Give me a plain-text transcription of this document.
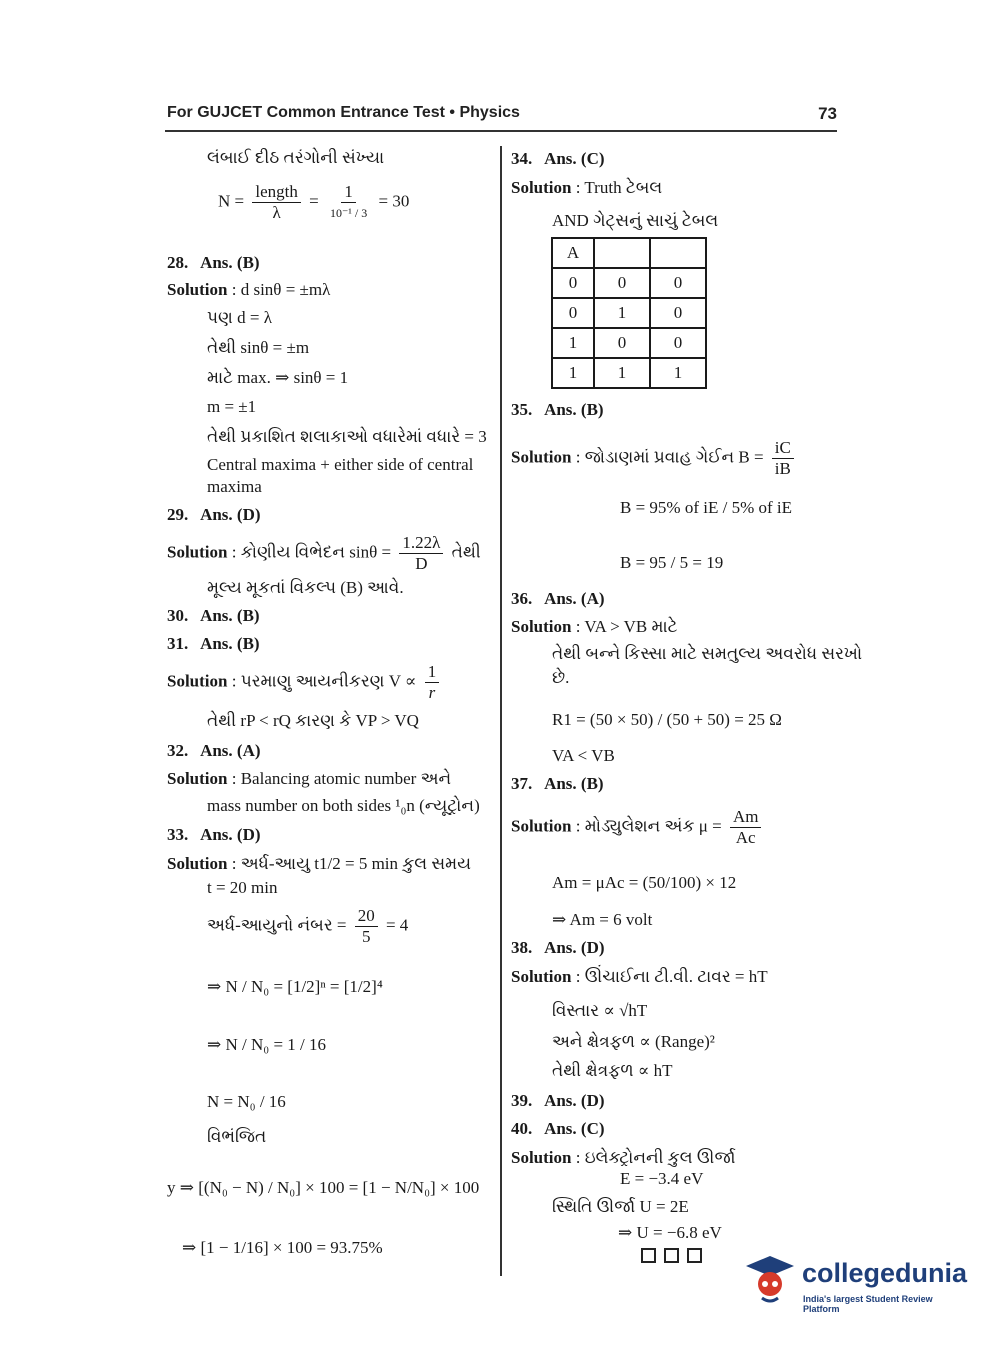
For GUJCET Common Entrance Test • Physics	73
લંબાઈ દીઠ તરંગોની સંખ્યા
$N = \frac{\text{length}}{\lambda} = \frac{1}{\text{10⁻¹ / 3}} = 30$
28. Ans. (B)
Solution : d sinθ = ±mλ
પણ d = λ
તેથી sinθ = ±m
માટે max. ⇒ sinθ = 1
m = ±1
તેથી પ્રકાશિત શલાકાઓ વધારેમાં વધારે = 3
Central maxima + either side of central
maxima
29. Ans. (D)
Solution : કોણીય વિભેદન $\sin\theta = \frac{1.22\lambda}{D}$ તેથી
મૂલ્ય મૂકતાં વિકલ્પ (B) આવે.
30. Ans. (B)
31. Ans. (B)
Solution : પરમાણુ આયનીકરણ $V \propto \frac{1}{r}$
તેથી rP < rQ કારણ કે VP > VQ
32. Ans. (A)
Solution : Balancing atomic number અને
mass number on both sides ¹₀n (ન્યૂટ્રોન)
33. Ans. (D)
Solution : અર્ધ-આયુ t1/2 = 5 min કુલ સમય
t = 20 min
અર્ધ-આયુનો નંબર = $\frac{20}{5} = 4$
⇒ N / N₀ = [1/2]ⁿ = [1/2]⁴
⇒ N / N₀ = 1 / 16
N = N₀ / 16
વિભંજિત
y ⇒ [(N₀ − N) / N₀] × 100 = [1 − N/N₀] × 100
⇒ [1 − 1/16] × 100 = 93.75%
34. Ans. (C)
Solution : Truth ટેબલ
AND ગેટ્સનું સાચું ટેબલ
A		
0	0	0
0	1	0
1	0	0
1	1	1
35. Ans. (B)
Solution : જોડાણમાં પ્રવાહ ગેઈન $B = \frac{iC}{iB}$
B = 95% of iE / 5% of iE
B = 95 / 5 = 19
36. Ans. (A)
Solution : VA > VB માટે
તેથી બન્ને કિસ્સા માટે સમતુલ્ય અવરોધ સરખો
છે.
R1 = (50 × 50) / (50 + 50) = 25 Ω
VA < VB
37. Ans. (B)
Solution : મોડ્યુલેશન અંક $\mu = \frac{Am}{Ac}$
Am = μAc = (50/100) × 12
⇒ Am = 6 volt
38. Ans. (D)
Solution : ઊંચાઈના ટી.વી. ટાવર = hT
વિસ્તાર ∝ √hT
અને ક્ષેત્રફળ ∝ (Range)²
તેથી ક્ષેત્રફળ ∝ hT
39. Ans. (D)
40. Ans. (C)
Solution : ઇલેક્ટ્રોનની કુલ ઊર્જા
E = −3.4 eV
સ્થિતિ ઊર્જા U = 2E
⇒ U = −6.8 eV
collegedunia
India's largest Student Review Platform
